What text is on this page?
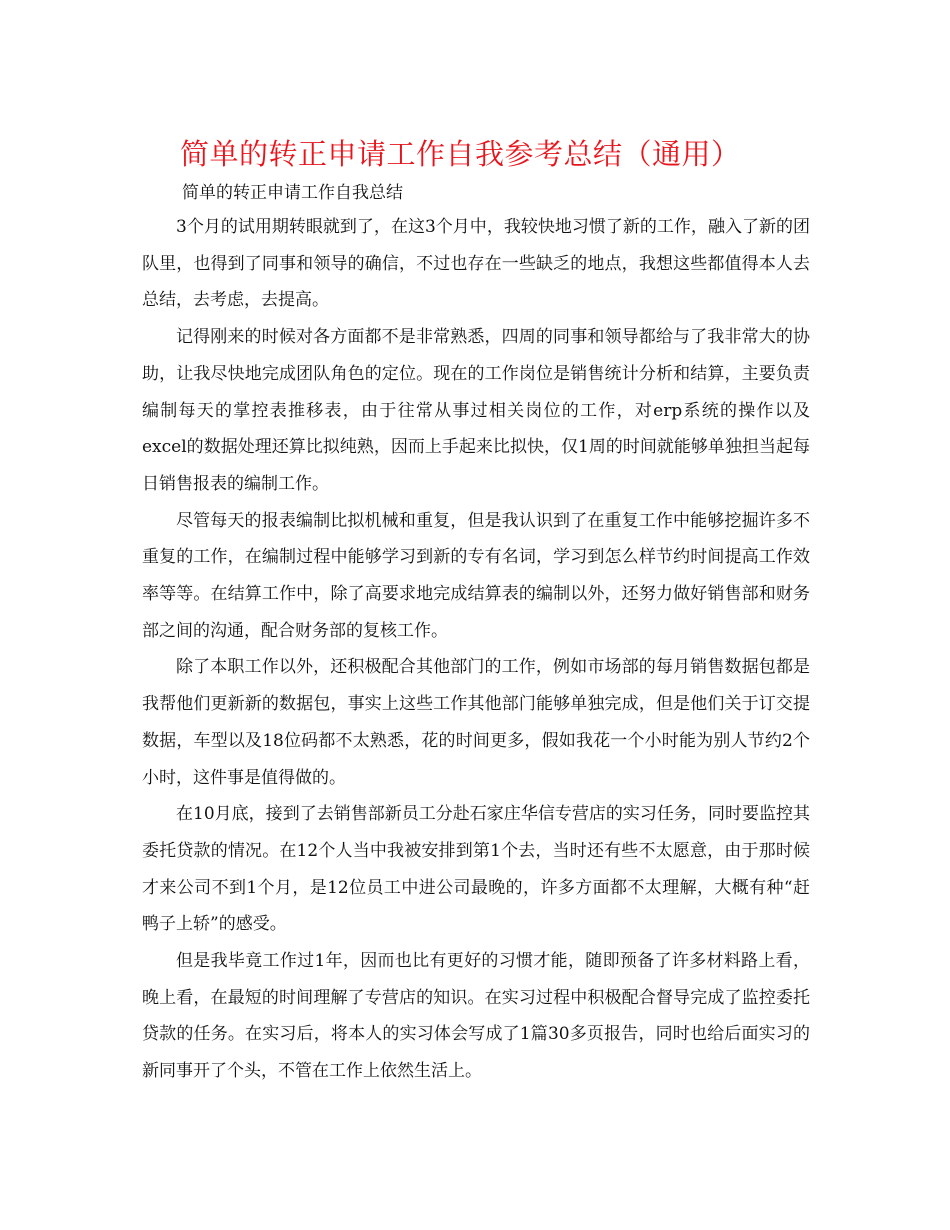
简单的转正申请工作自我参考总结（通用）
简单的转正申请工作自我总结

3个月的试用期转眼就到了，在这3个月中，我较快地习惯了新的工作，融入了新的团队里，也得到了同事和领导的确信，不过也存在一些缺乏的地点，我想这些都值得本人去总结，去考虑，去提高。

记得刚来的时候对各方面都不是非常熟悉，四周的同事和领导都给与了我非常大的协助，让我尽快地完成团队角色的定位。现在的工作岗位是销售统计分析和结算，主要负责编制每天的掌控表推移表，由于往常从事过相关岗位的工作，对erp系统的操作以及excel的数据处理还算比拟纯熟，因而上手起来比拟快，仅1周的时间就能够单独担当起每日销售报表的编制工作。

尽管每天的报表编制比拟机械和重复，但是我认识到了在重复工作中能够挖掘许多不重复的工作，在编制过程中能够学习到新的专有名词，学习到怎么样节约时间提高工作效率等等。在结算工作中，除了高要求地完成结算表的编制以外，还努力做好销售部和财务部之间的沟通，配合财务部的复核工作。

除了本职工作以外，还积极配合其他部门的工作，例如市场部的每月销售数据包都是我帮他们更新新的数据包，事实上这些工作其他部门能够单独完成，但是他们关于订交提数据，车型以及18位码都不太熟悉，花的时间更多，假如我花一个小时能为别人节约2个小时，这件事是值得做的。

在10月底，接到了去销售部新员工分赴石家庄华信专营店的实习任务，同时要监控其委托贷款的情况。在12个人当中我被安排到第1个去，当时还有些不太愿意，由于那时候才来公司不到1个月，是12位员工中进公司最晚的，许多方面都不太理解，大概有种“赶鸭子上轿”的感受。

但是我毕竟工作过1年，因而也比有更好的习惯才能，随即预备了许多材料路上看，晚上看，在最短的时间理解了专营店的知识。在实习过程中积极配合督导完成了监控委托贷款的任务。在实习后，将本人的实习体会写成了1篇30多页报告，同时也给后面实习的新同事开了个头，不管在工作上依然生活上。
